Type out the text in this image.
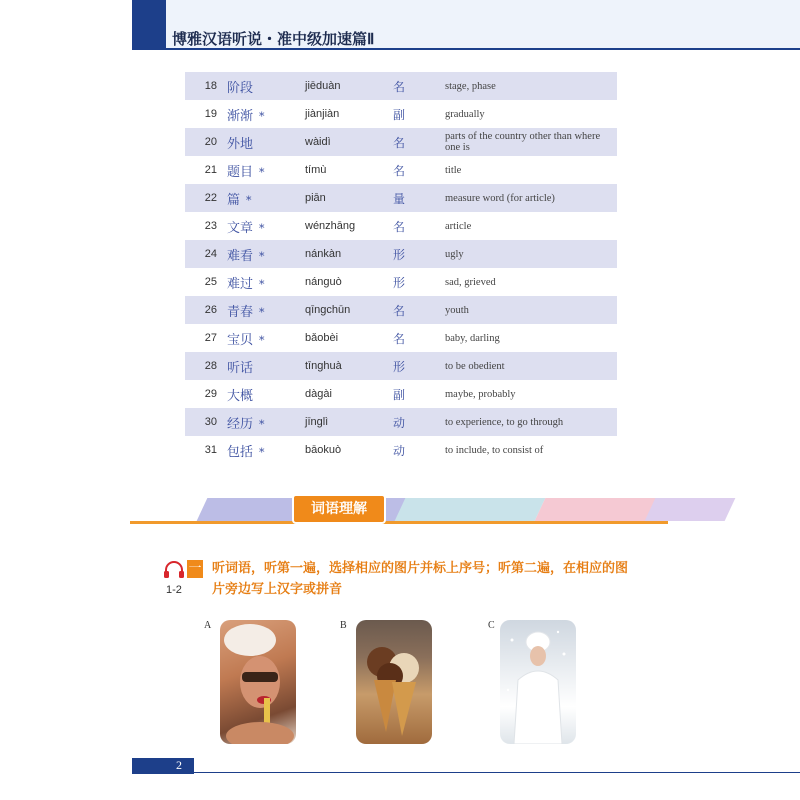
博雅汉语听说・准中级加速篇Ⅱ
18 阶段	jiēduàn	名	stage, phase
19 渐渐 *	jiànjiàn	副	gradually
20 外地	wàidì	名	parts of the country other than where one is
21 题目 *	tímù	名	title
22 篇 *	piān	量	measure word (for article)
23 文章 *	wénzhāng	名	article
24 难看 *	nánkàn	形	ugly
25 难过 *	nánguò	形	sad, grieved
26 青春 *	qīngchūn	名	youth
27 宝贝 *	bǎobèi	名	baby, darling
28 听话	tīnghuà	形	to be obedient
29 大概	dàgài	副	maybe, probably
30 经历 *	jīnglì	动	to experience, to go through
31 包括 *	bāokuò	动	to include, to consist of
词语理解
一
1-2
听词语，听第一遍，选择相应的图片并标上序号；听第二遍，在相应的图片旁边写上汉字或拼音
A	B	C
2
